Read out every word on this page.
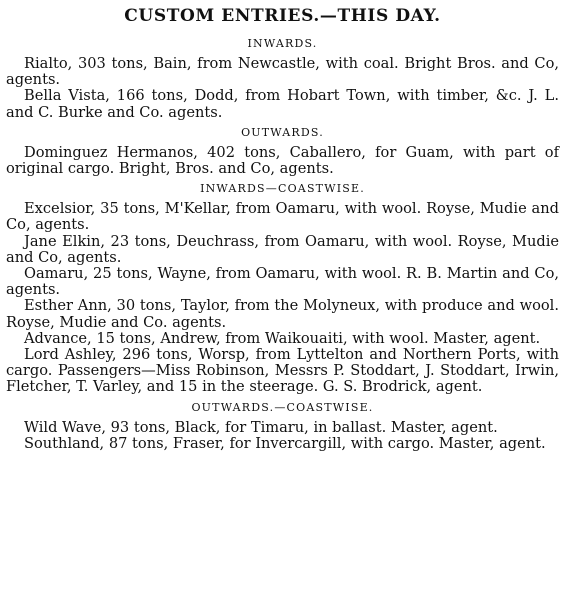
CUSTOM ENTRIES.—THIS DAY.
INWARDS.

Rialto, 303 tons, Bain, from Newcastle, with coal. Bright Bros. and Co, agents.

Bella Vista, 166 tons, Dodd, from Hobart Town, with timber, &c. J. L. and C. Burke and Co. agents.

OUTWARDS.

Dominguez Hermanos, 402 tons, Caballero, for Guam, with part of original cargo. Bright, Bros. and Co, agents.

INWARDS—COASTWISE.

Excelsior, 35 tons, M'Kellar, from Oamaru, with wool. Royse, Mudie and Co, agents.

Jane Elkin, 23 tons, Deuchrass, from Oamaru, with wool. Royse, Mudie and Co, agents.

Oamaru, 25 tons, Wayne, from Oamaru, with wool. R. B. Martin and Co, agents.

Esther Ann, 30 tons, Taylor, from the Molyneux, with produce and wool. Royse, Mudie and Co. agents.

Advance, 15 tons, Andrew, from Waikouaiti, with wool. Master, agent.

Lord Ashley, 296 tons, Worsp, from Lyttelton and Northern Ports, with cargo. Passengers—Miss Robinson, Messrs P. Stoddart, J. Stoddart, Irwin, Fletcher, T. Varley, and 15 in the steerage. G. S. Brodrick, agent.

OUTWARDS.—COASTWISE.

Wild Wave, 93 tons, Black, for Timaru, in ballast. Master, agent.

Southland, 87 tons, Fraser, for Invercargill, with cargo. Master, agent.
